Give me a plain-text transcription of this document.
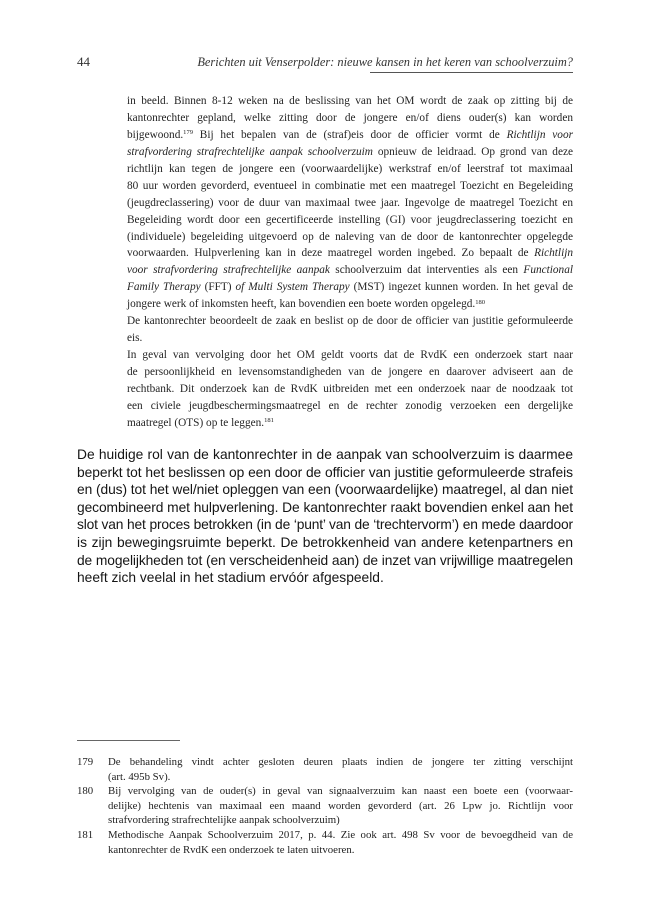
44	Berichten uit Venserpolder: nieuwe kansen in het keren van schoolverzuim?
in beeld. Binnen 8-12 weken na de beslissing van het OM wordt de zaak op zitting bij de
kantonrechter gepland, welke zitting door de jongere en/of diens ouder(s) kan worden
bijgewoond.$^{179}$ Bij het bepalen van de (straf)eis door de officier vormt de Richtlijn voor
strafvordering strafrechtelijke aanpak schoolverzuim opnieuw de leidraad. Op grond van deze
richtlijn kan tegen de jongere een (voorwaardelijke) werkstraf en/of leerstraf tot maximaal
80 uur worden gevorderd, eventueel in combinatie met een maatregel Toezicht en Begeleiding
(jeugdreclassering) voor de duur van maximaal twee jaar. Ingevolge de maatregel Toezicht en
Begeleiding wordt door een gecertificeerde instelling (GI) voor jeugdreclassering toezicht en
(individuele) begeleiding uitgevoerd op de naleving van de door de kantonrechter opgelegde
voorwaarden. Hulpverlening kan in deze maatregel worden ingebed. Zo bepaalt de Richtlijn
voor strafvordering strafrechtelijke aanpak schoolverzuim dat interventies als een Functional
Family Therapy (FFT) of Multi System Therapy (MST) ingezet kunnen worden. In het geval de
jongere werk of inkomsten heeft, kan bovendien een boete worden opgelegd.$^{180}$
De kantonrechter beoordeelt de zaak en beslist op de door de officier van justitie geformuleerde
eis.
In geval van vervolging door het OM geldt voorts dat de RvdK een onderzoek start naar
de persoonlijkheid en levensomstandigheden van de jongere en daarover adviseert aan de
rechtbank. Dit onderzoek kan de RvdK uitbreiden met een onderzoek naar de noodzaak tot
een civiele jeugdbeschermingsmaatregel en de rechter zonodig verzoeken een dergelijke
maatregel (OTS) op te leggen.$^{181}$
De huidige rol van de kantonrechter in de aanpak van schoolverzuim is daarmee
beperkt tot het beslissen op een door de officier van justitie geformuleerde strafeis
en (dus) tot het wel/niet opleggen van een (voorwaardelijke) maatregel, al dan niet
gecombineerd met hulpverlening. De kantonrechter raakt bovendien enkel aan het
slot van het proces betrokken (in de ‘punt’ van de ‘trechtervorm’) en mede daardoor
is zijn bewegingsruimte beperkt. De betrokkenheid van andere ketenpartners en
de mogelijkheden tot (en verscheidenheid aan) de inzet van vrijwillige maatregelen
heeft zich veelal in het stadium ervóór afgespeeld.
179 De behandeling vindt achter gesloten deuren plaats indien de jongere ter zitting verschijnt
(art. 495b Sv).
180 Bij vervolging van de ouder(s) in geval van signaalverzuim kan naast een boete een (voorwaar-
delijke) hechtenis van maximaal een maand worden gevorderd (art. 26 Lpw jo. Richtlijn voor
strafvordering strafrechtelijke aanpak schoolverzuim)
181 Methodische Aanpak Schoolverzuim 2017, p. 44. Zie ook art. 498 Sv voor de bevoegdheid van de
kantonrechter de RvdK een onderzoek te laten uitvoeren.
